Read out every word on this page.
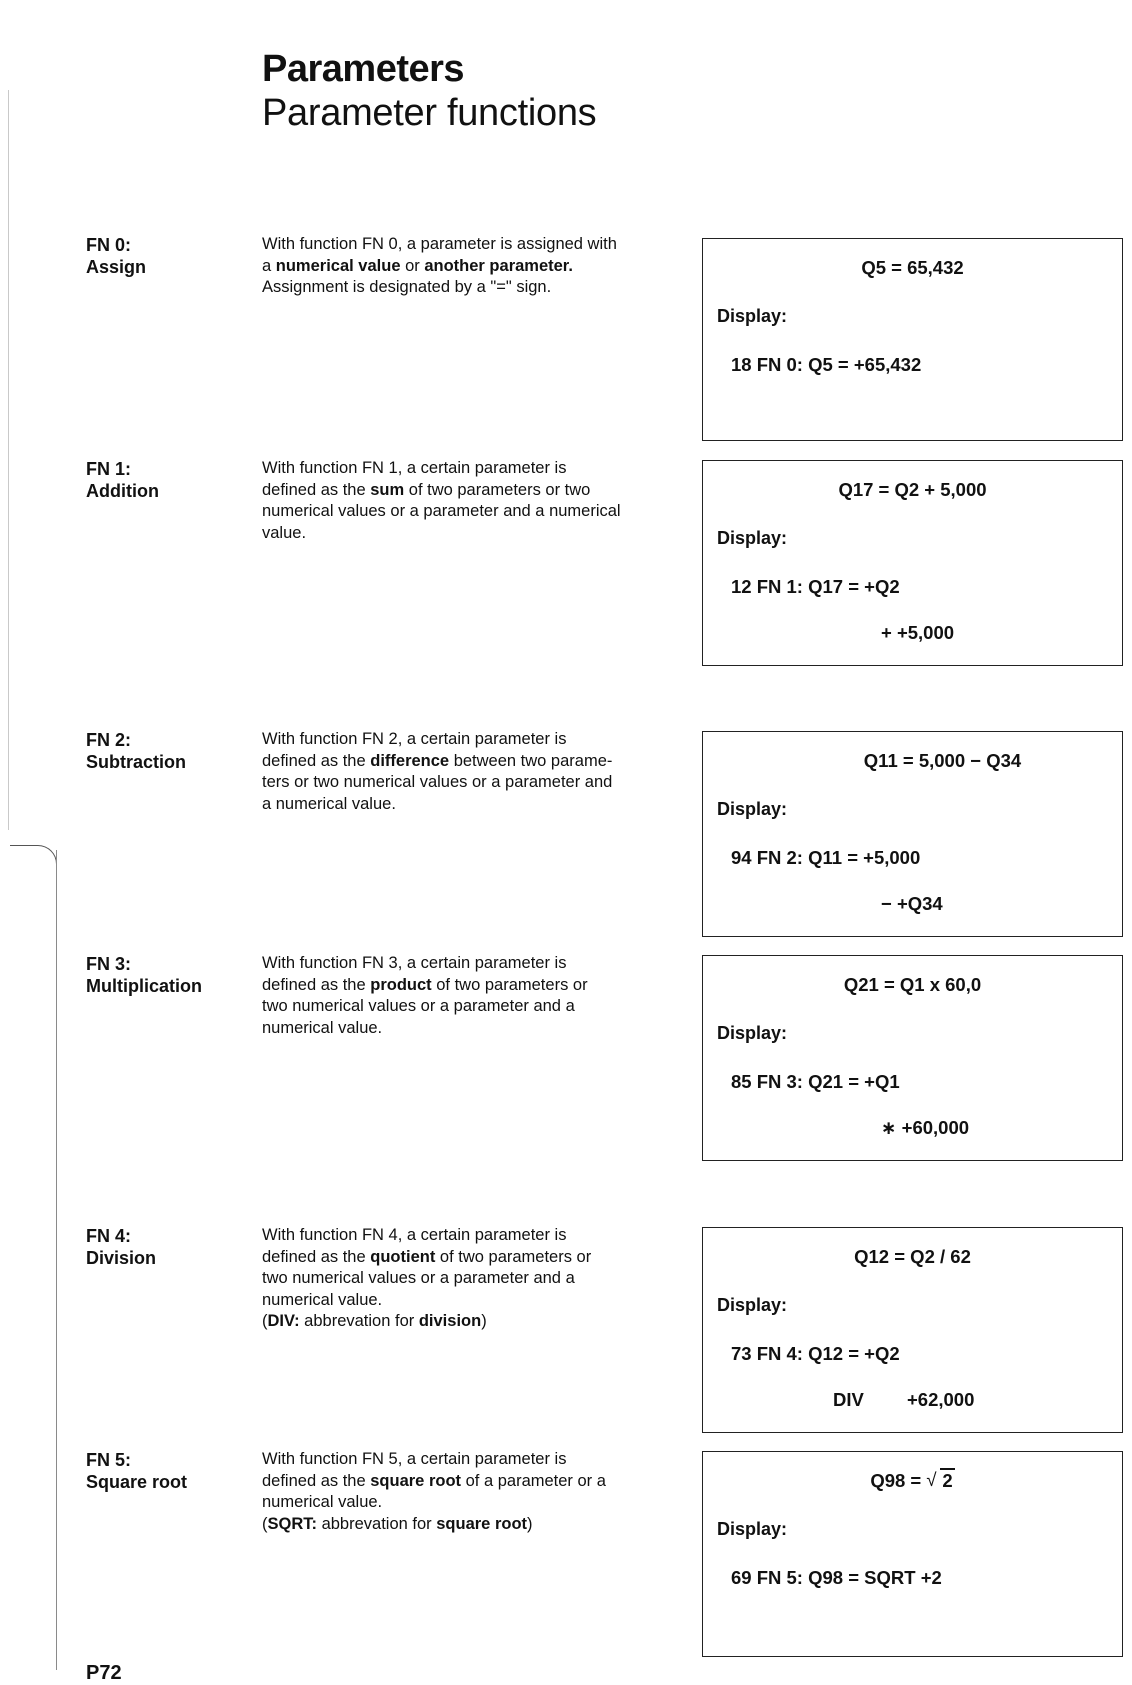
Parameters
Parameter functions
FN 0:
Assign
With function FN 0, a parameter is assigned with
a numerical value or another parameter.
Assignment is designated by a "=" sign.
Q5 = 65,432
Display:
18 FN 0: Q5 = +65,432
FN 1:
Addition
With function FN 1, a certain parameter is
defined as the sum of two parameters or two
numerical values or a parameter and a numerical
value.
Q17 = Q2 + 5,000
Display:
12 FN 1: Q17 = +Q2
+ +5,000
FN 2:
Subtraction
With function FN 2, a certain parameter is
defined as the difference between two parame-
ters or two numerical values or a parameter and
a numerical value.
Q11 = 5,000 − Q34
Display:
94 FN 2: Q11 = +5,000
− +Q34
FN 3:
Multiplication
With function FN 3, a certain parameter is
defined as the product of two parameters or
two numerical values or a parameter and a
numerical value.
Q21 = Q1 x 60,0
Display:
85 FN 3: Q21 = +Q1
∗ +60,000
FN 4:
Division
With function FN 4, a certain parameter is
defined as the quotient of two parameters or
two numerical values or a parameter and a
numerical value.
(DIV: abbrevation for division)
Q12 = Q2 / 62
Display:
73 FN 4: Q12 = +Q2
DIV +62,000
FN 5:
Square root
With function FN 5, a certain parameter is
defined as the square root of a parameter or a
numerical value.
(SQRT: abbrevation for square root)
Q98 = √ 2
Display:
69 FN 5: Q98 = SQRT +2
P72
